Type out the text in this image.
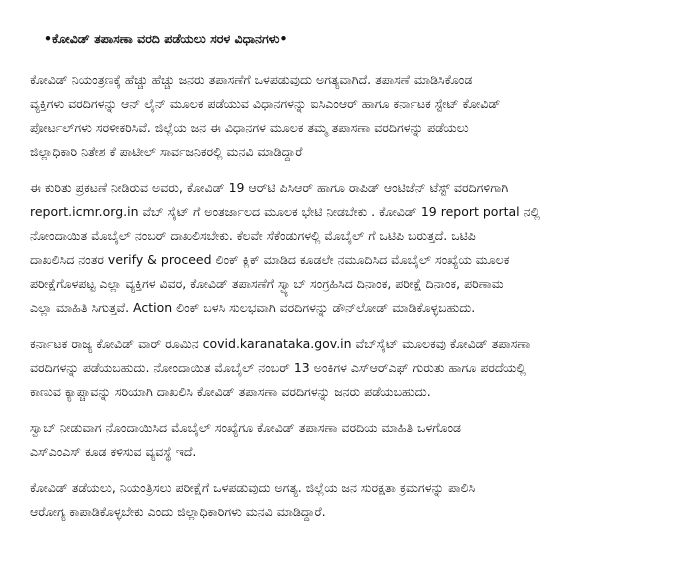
•ಕೋವಿಡ್ ತಪಾಸಣಾ ವರದಿ ಪಡೆಯಲು ಸರಳ ವಿಧಾನಗಳು•
ಕೋವಿಡ್ ನಿಯಂತ್ರಣಕ್ಕೆ ಹೆಚ್ಚು ಹೆಚ್ಚು ಜನರು ತಪಾಸಣೆಗೆ ಒಳಪಡುವುದು ಅಗತ್ಯವಾಗಿದೆ. ತಪಾಸಣೆ ಮಾಡಿಸಿಕೊಂಡ
ವ್ಯಕ್ತಿಗಳು ವರದಿಗಳನ್ನು ಆನ್ ಲೈನ್ ಮೂಲಕ ಪಡೆಯುವ ವಿಧಾನಗಳನ್ನು ಐಸಿಎಂಆರ್ ಹಾಗೂ ಕರ್ನಾಟಕ ಸ್ಟೇಟ್ ಕೋವಿಡ್
ಪೋರ್ಟಲ್‌ಗಳು ಸರಳೀಕರಿಸಿವೆ. ಜಿಲ್ಲೆಯ ಜನ ಈ ವಿಧಾನಗಳ ಮೂಲಕ ತಮ್ಮ ತಪಾಸಣಾ ವರದಿಗಳನ್ನು ಪಡೆಯಲು
ಜಿಲ್ಲಾಧಿಕಾರಿ ನಿತೇಶ ಕೆ ಪಾಟೀಲ್ ಸಾರ್ವಜನಿಕರಲ್ಲಿ ಮನವಿ ಮಾಡಿದ್ದಾರೆ
ಈ ಕುರಿತು ಪ್ರಕಟಣೆ ನೀಡಿರುವ ಅವರು, ಕೋವಿಡ್ 19 ಆರ್‌ಟಿ ಪಿಸಿಆರ್ ಹಾಗೂ ರಾಪಿಡ್ ಆಂಟಿಜೆನ್ ಟೆಸ್ಟ್ ವರದಿಗಳಿಗಾಗಿ
report.icmr.org.in ವೆಬ್ ಸೈಟ್ ಗೆ ಅಂತರ್ಜಾಲದ ಮೂಲಕ ಭೇಟಿ ನೀಡಬೇಕು . ಕೋವಿಡ್ 19 report portal ನಲ್ಲಿ
ನೋಂದಾಯಿತ ಮೊಬೈಲ್ ನಂಬರ್ ದಾಖಲಿಸಬೇಕು. ಕೆಲವೇ ಸೆಕೆಂಡುಗಳಲ್ಲಿ ಮೊಬೈಲ್ ಗೆ ಒಟಿಪಿ ಬರುತ್ತದೆ. ಒಟಿಪಿ
ದಾಖಲಿಸಿದ ನಂತರ verify & proceed ಲಿಂಕ್ ಕ್ಲಿಕ್ ಮಾಡಿದ ಕೂಡಲೇ ನಮೂದಿಸಿದ ಮೊಬೈಲ್ ಸಂಖ್ಯೆಯ ಮೂಲಕ
ಪರೀಕ್ಷೆಗೊಳಪಟ್ಟ ಎಲ್ಲಾ ವ್ಯಕ್ತಿಗಳ ವಿವರ, ಕೋವಿಡ್ ತಪಾಸಣೆಗೆ ಸ್ವ್ಯಾಬ್ ಸಂಗ್ರಹಿಸಿದ ದಿನಾಂಕ, ಪರೀಕ್ಷೆ ದಿನಾಂಕ, ಪರಿಣಾಮ
ಎಲ್ಲಾ ಮಾಹಿತಿ ಸಿಗುತ್ತವೆ. Action ಲಿಂಕ್ ಬಳಸಿ ಸುಲಭವಾಗಿ ವರದಿಗಳನ್ನು ಡೌನ್‌ಲೋಡ್ ಮಾಡಿಕೊಳ್ಳಬಹುದು.
ಕರ್ನಾಟಕ ರಾಜ್ಯ ಕೋವಿಡ್ ವಾರ್ ರೂಮಿನ covid.karanataka.gov.in ವೆಬ್‌ಸೈಟ್ ಮೂಲಕವು ಕೋವಿಡ್ ತಪಾಸಣಾ
ವರದಿಗಳನ್ನು ಪಡೆಯಬಹುದು. ನೋಂದಾಯಿತ ಮೊಬೈಲ್ ನಂಬರ್ 13 ಅಂಕಿಗಳ ಎಸ್‌ಆರ್‌ಎಫ್ ಗುರುತು ಹಾಗೂ ಪರದೆಯಲ್ಲಿ
ಕಾಣುವ ಕ್ಯಾಪ್ಚಾವನ್ನು ಸರಿಯಾಗಿ ದಾಖಲಿಸಿ ಕೋವಿಡ್ ತಪಾಸಣಾ ವರದಿಗಳನ್ನು ಜನರು ಪಡೆಯಬಹುದು.
ಸ್ವಾಬ್ ನೀಡುವಾಗ ನೊಂದಾಯಿಸಿದ ಮೊಬೈಲ್ ಸಂಖ್ಯೆಗೂ ಕೋವಿಡ್ ತಪಾಸಣಾ ವರದಿಯ ಮಾಹಿತಿ ಒಳಗೊಂಡ
ಎಸ್‌ಎಂಎಸ್ ಕೂಡ ಕಳಿಸುವ ವ್ಯವಸ್ಥೆ ಇದೆ.
ಕೋವಿಡ್ ತಡೆಯಲು, ನಿಯಂತ್ರಿಸಲು ಪರೀಕ್ಷೆಗೆ ಒಳಪಡುವುದು ಅಗತ್ಯ. ಜಿಲ್ಲೆಯ ಜನ ಸುರಕ್ಷತಾ ಕ್ರಮಗಳನ್ನು ಪಾಲಿಸಿ
ಆರೋಗ್ಯ ಕಾಪಾಡಿಕೊಳ್ಳಬೇಕು ಎಂದು ಜಿಲ್ಲಾಧಿಕಾರಿಗಳು ಮನವಿ ಮಾಡಿದ್ದಾರೆ.
